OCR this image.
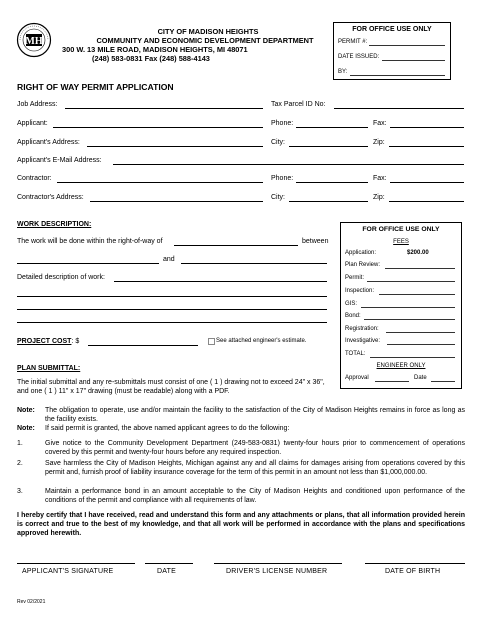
MH
CITY OF MADISON HEIGHTS
COMMUNITY AND ECONOMIC DEVELOPMENT DEPARTMENT
300 W. 13 MILE ROAD, MADISON HEIGHTS, MI 48071
(248) 583-0831 Fax (248) 588-4143
FOR OFFICE USE ONLY
PERMIT #:
DATE ISSUED:
BY:
RIGHT OF WAY PERMIT APPLICATION
Job Address:	Tax Parcel ID No:
Applicant:	Phone:	Fax:
Applicant's Address:	City:	Zip:
Applicant's E-Mail Address:
Contractor:	Phone:	Fax:
Contractor's Address:	City:	Zip:
WORK DESCRIPTION:
The work will be done within the right-of-way of	between
and
Detailed description of work:
PROJECT COST: $	See attached engineer's estimate.
FOR OFFICE USE ONLY
FEES
Application:	$200.00
Plan Review:
Permit:
Inspection:
GIS:
Bond:
Registration:
Investigative:
TOTAL:
ENGINEER ONLY
Approval	Date
PLAN SUBMITTAL:
The initial submittal and any re-submittals must consist of one ( 1 ) drawing not to exceed 24" x 36", and one ( 1 ) 11" x 17" drawing (must be readable) along with a PDF.
Note: The obligation to operate, use and/or maintain the facility to the satisfaction of the City of Madison Heights remains in force as long as the facility exists.
Note: If said permit is granted, the above named applicant agrees to do the following:
1.	Give notice to the Community Development Department (249-583-0831) twenty-four hours prior to commencement of operations covered by this permit and twenty-four hours before any required inspection.
2.	Save harmless the City of Madison Heights, Michigan against any and all claims for damages arising from operations covered by this permit and, furnish proof of liability insurance coverage for the term of this permit in an amount not less than $1,000,000.00.
3.	Maintain a performance bond in an amount acceptable to the City of Madison Heights and conditioned upon performance of the conditions of the permit and compliance with all requirements of law.
I hereby certify that I have received, read and understand this form and any attachments or plans, that all information provided herein is correct and true to the best of my knowledge, and that all work will be performed in accordance with the plans and specifications approved herewith.
APPLICANT'S SIGNATURE	DATE	DRIVER'S LICENSE NUMBER	DATE OF BIRTH
Rev 02/2021
